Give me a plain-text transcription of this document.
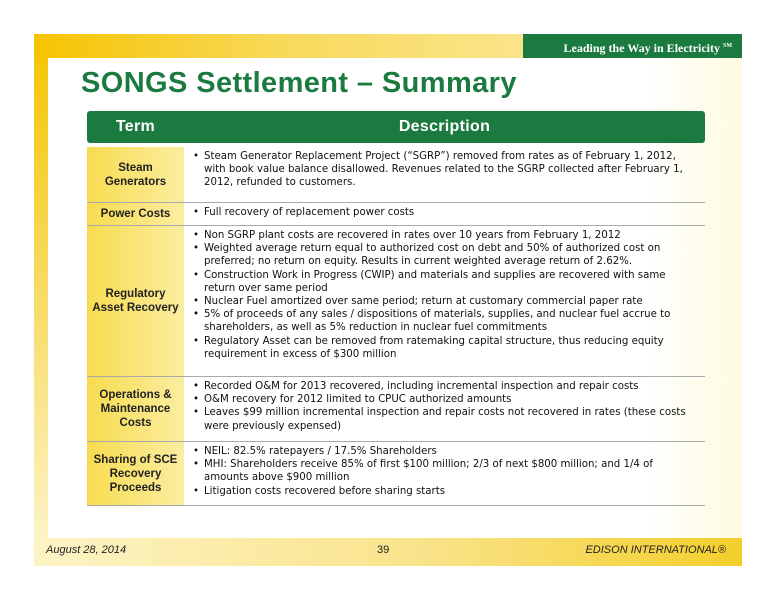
Leading the Way in Electricity ℠
SONGS Settlement – Summary
Term	Description
Steam Generators
• Steam Generator Replacement Project (“SGRP”) removed from rates as of February 1, 2012, with book value balance disallowed. Revenues related to the SGRP collected after February 1, 2012, refunded to customers.
Power Costs
•	Full recovery of replacement power costs
Regulatory Asset Recovery
• Non SGRP plant costs are recovered in rates over 10 years from February 1, 2012
• Weighted average return equal to authorized cost on debt and 50% of authorized cost on preferred; no return on equity. Results in current weighted average return of 2.62%.
• Construction Work in Progress (CWIP) and materials and supplies are recovered with same return over same period
• Nuclear Fuel amortized over same period; return at customary commercial paper rate
• 5% of proceeds of any sales / dispositions of materials, supplies, and nuclear fuel accrue to shareholders, as well as 5% reduction in nuclear fuel commitments
• Regulatory Asset can be removed from ratemaking capital structure, thus reducing equity requirement in excess of $300 million
Operations & Maintenance Costs
• Recorded O&M for 2013 recovered, including incremental inspection and repair costs
• O&M recovery for 2012 limited to CPUC authorized amounts
• Leaves $99 million incremental inspection and repair costs not recovered in rates (these costs were previously expensed)
Sharing of SCE Recovery Proceeds
• NEIL: 82.5% ratepayers / 17.5% Shareholders
• MHI: Shareholders receive 85% of first $100 million; 2/3 of next $800 million; and 1/4 of amounts above $900 million
• Litigation costs recovered before sharing starts
August 28, 2014	39	EDISON INTERNATIONAL®
